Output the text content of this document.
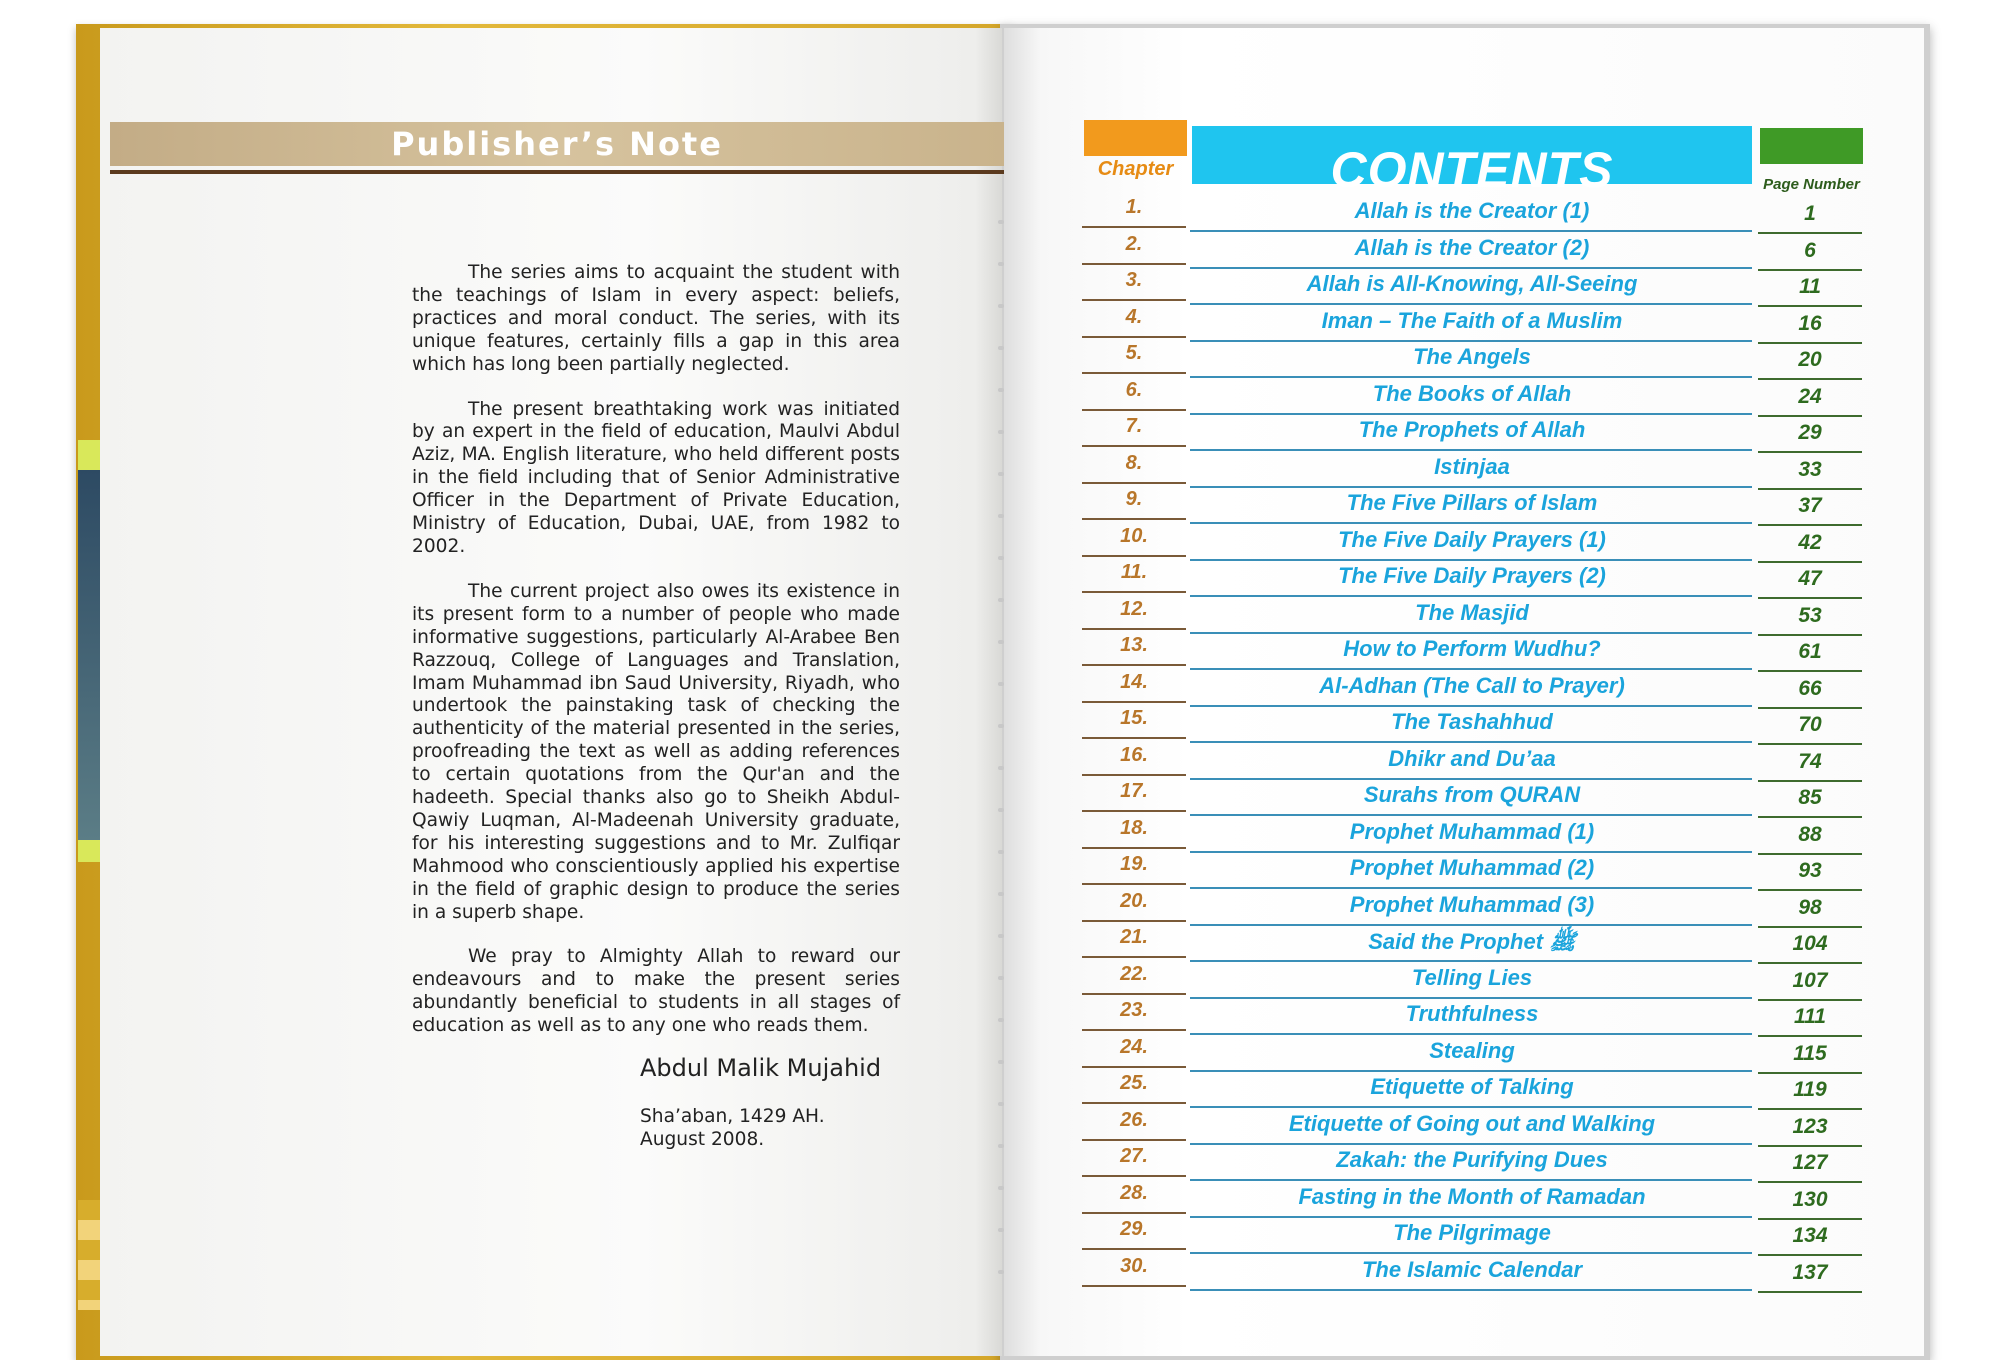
Publisher’s Note

The series aims to acquaint the student with the teachings of Islam in every aspect: beliefs, practices and moral conduct. The series, with its unique features, certainly fills a gap in this area which has long been partially neglected.

The present breathtaking work was initiated by an expert in the field of education, Maulvi Abdul Aziz, MA. English literature, who held different posts in the field including that of Senior Administrative Officer in the Department of Private Education, Ministry of Education, Dubai, UAE, from 1982 to 2002.

The current project also owes its existence in its present form to a number of people who made informative suggestions, particularly Al-Arabee Ben Razzouq, College of Languages and Translation, Imam Muhammad ibn Saud University, Riyadh, who undertook the painstaking task of checking the authenticity of the material presented in the series, proofreading the text as well as adding references to certain quotations from the Qur'an and the hadeeth. Special thanks also go to Sheikh Abdul-Qawiy Luqman, Al-Madeenah University graduate, for his interesting suggestions and to Mr. Zulfiqar Mahmood who conscientiously applied his expertise in the field of graphic design to produce the series in a superb shape.

We pray to Almighty Allah to reward our endeavours and to make the present series abundantly beneficial to students in all stages of education as well as to any one who reads them.

Abdul Malik Mujahid
Sha’aban, 1429 AH.
August 2008.
Chapter	CONTENTS	Page Number
1.	Allah is the Creator (1)	1
2.	Allah is the Creator (2)	6
3.	Allah is All-Knowing, All-Seeing	11
4.	Iman – The Faith of a Muslim	16
5.	The Angels	20
6.	The Books of Allah	24
7.	The Prophets of Allah	29
8.	Istinjaa	33
9.	The Five Pillars of Islam	37
10.	The Five Daily Prayers (1)	42
11.	The Five Daily Prayers (2)	47
12.	The Masjid	53
13.	How to Perform Wudhu?	61
14.	Al-Adhan (The Call to Prayer)	66
15.	The Tashahhud	70
16.	Dhikr and Du’aa	74
17.	Surahs from QURAN	85
18.	Prophet Muhammad (1)	88
19.	Prophet Muhammad (2)	93
20.	Prophet Muhammad (3)	98
21.	Said the Prophet ﷺ	104
22.	Telling Lies	107
23.	Truthfulness	111
24.	Stealing	115
25.	Etiquette of Talking	119
26.	Etiquette of Going out and Walking	123
27.	Zakah: the Purifying Dues	127
28.	Fasting in the Month of Ramadan	130
29.	The Pilgrimage	134
30.	The Islamic Calendar	137
